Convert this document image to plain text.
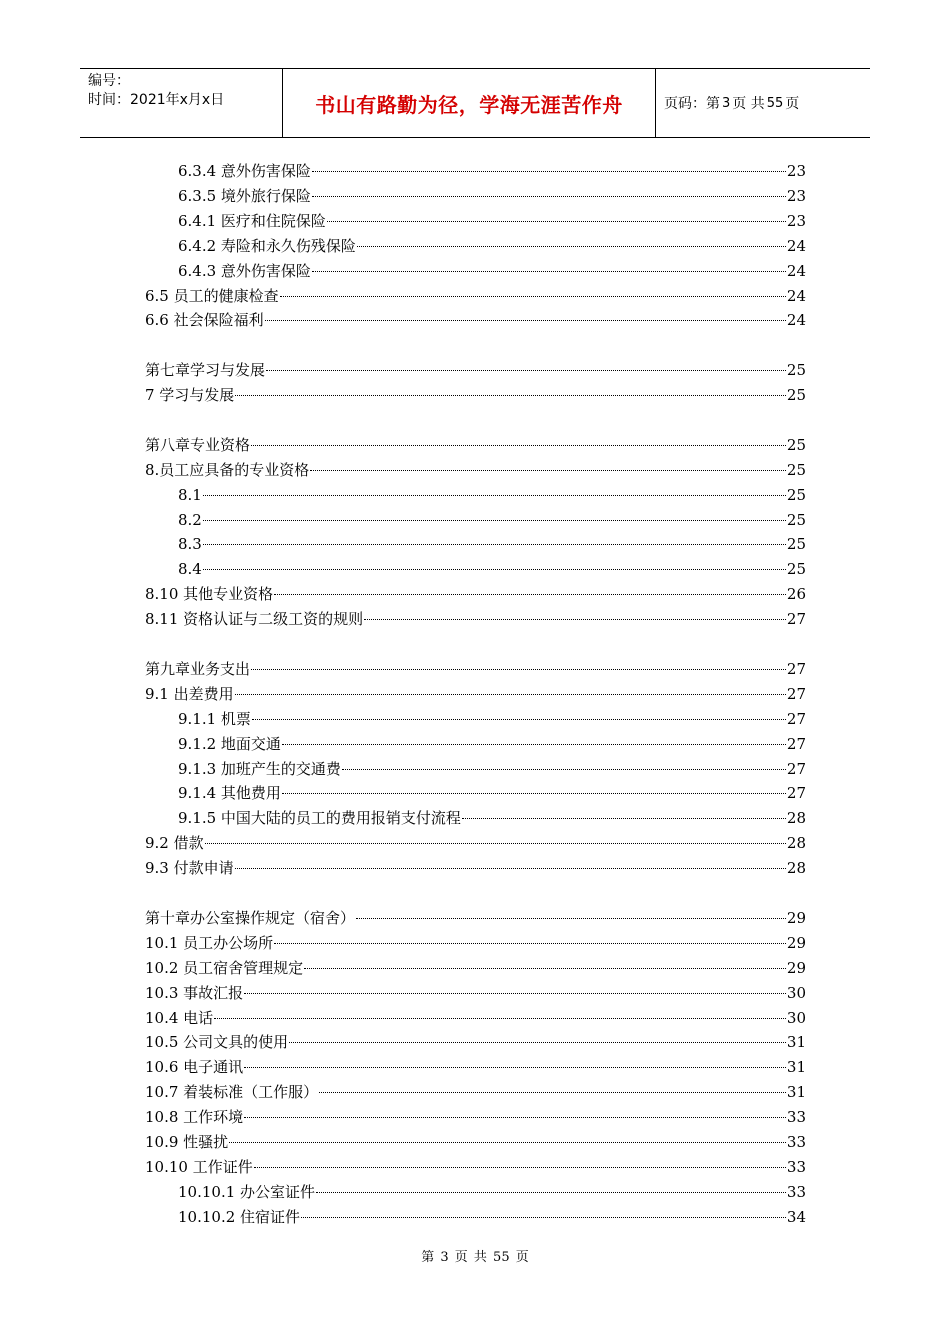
编号：
时间：2021年x月x日	书山有路勤为径，学海无涯苦作舟	页码：第 3 页 共 55 页
6.3.4 意外伤害保险	23
6.3.5 境外旅行保险	23
6.4.1 医疗和住院保险	23
6.4.2 寿险和永久伤残保险	24
6.4.3 意外伤害保险	24
6.5 员工的健康检查	24
6.6 社会保险福利	24
第七章学习与发展	25
7 学习与发展	25
第八章专业资格	25
8.员工应具备的专业资格	25
8.1	25
8.2	25
8.3	25
8.4	25
8.10 其他专业资格	26
8.11 资格认证与二级工资的规则	27
第九章业务支出	27
9.1 出差费用	27
9.1.1 机票	27
9.1.2 地面交通	27
9.1.3 加班产生的交通费	27
9.1.4 其他费用	27
9.1.5 中国大陆的员工的费用报销支付流程	28
9.2 借款	28
9.3 付款申请	28
第十章办公室操作规定（宿舍）	29
10.1 员工办公场所	29
10.2 员工宿舍管理规定	29
10.3 事故汇报	30
10.4 电话	30
10.5 公司文具的使用	31
10.6 电子通讯	31
10.7 着装标准（工作服）	31
10.8 工作环境	33
10.9 性骚扰	33
10.10 工作证件	33
10.10.1 办公室证件	33
10.10.2 住宿证件	34
第 3 页 共 55 页
